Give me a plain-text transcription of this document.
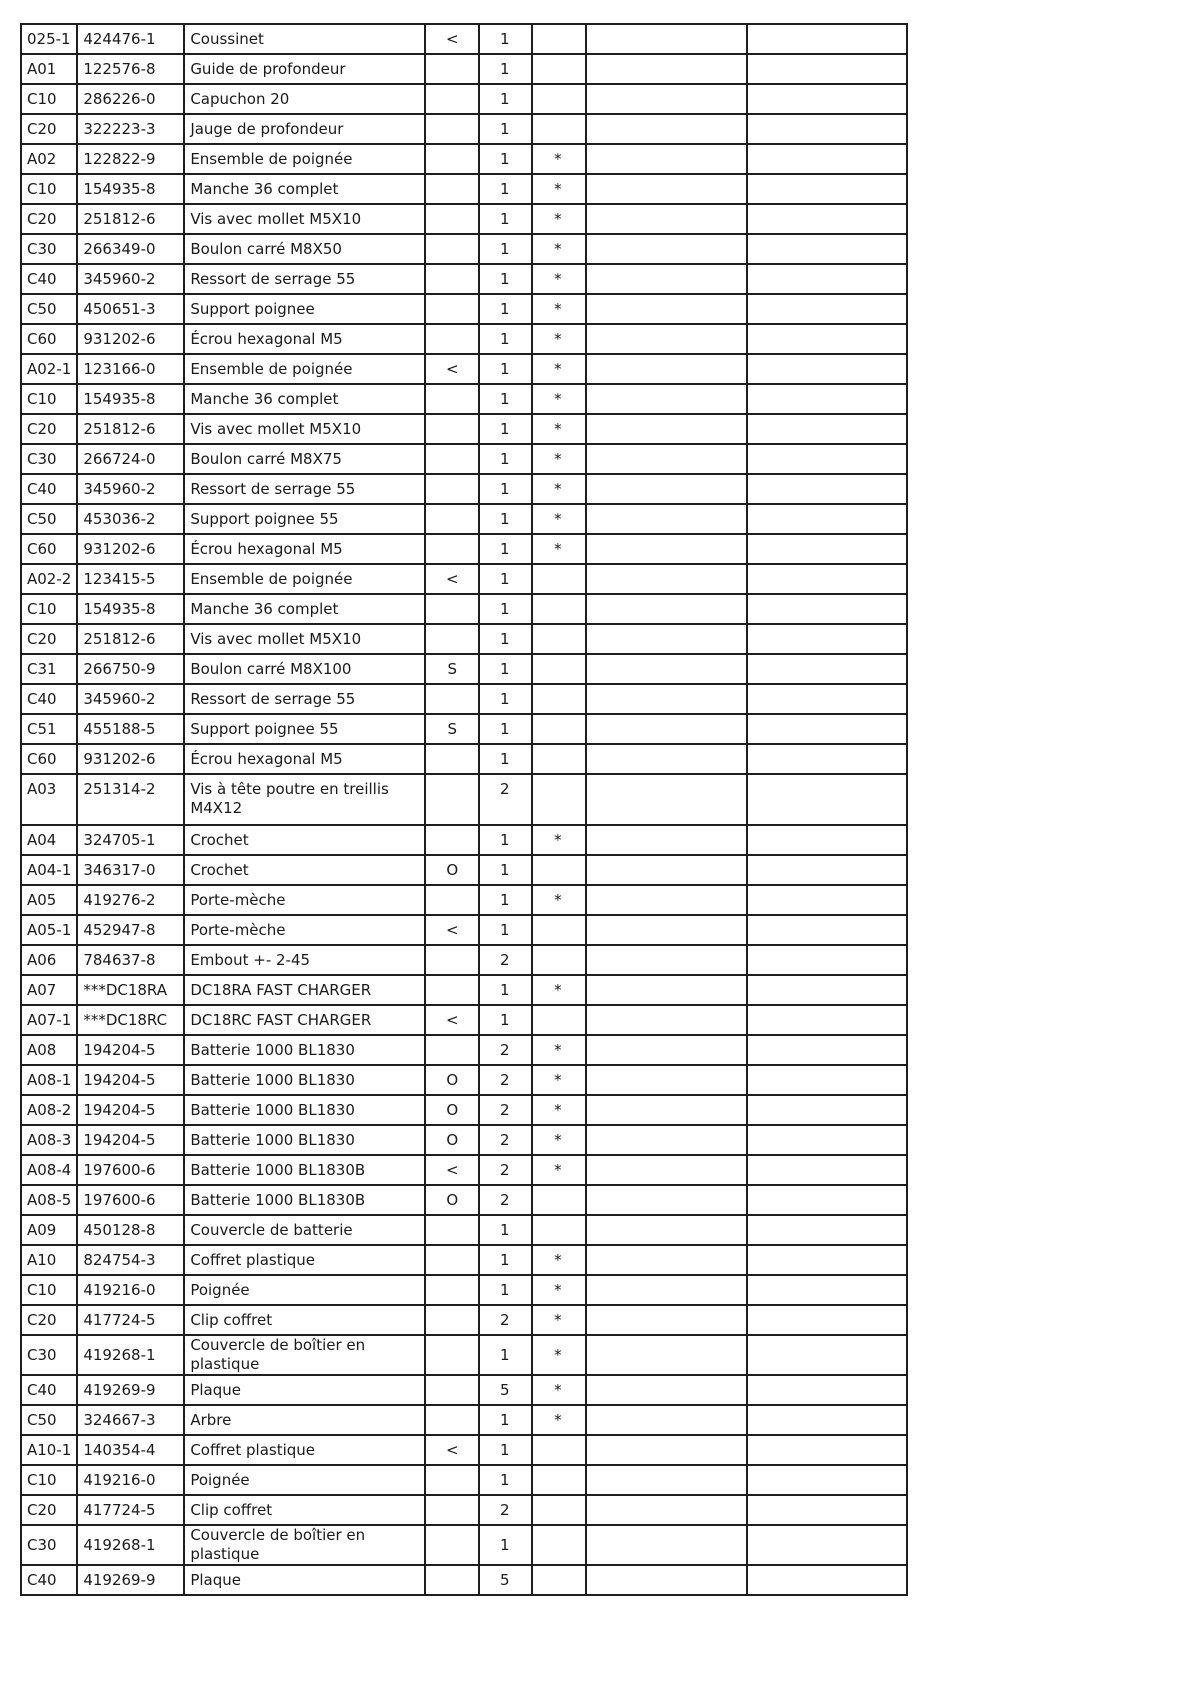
025-1	424476-1	Coussinet	<	1			
A01	122576-8	Guide de profondeur		1			
C10	286226-0	Capuchon 20		1			
C20	322223-3	Jauge de profondeur		1			
A02	122822-9	Ensemble de poignée		1	*		
C10	154935-8	Manche 36 complet		1	*		
C20	251812-6	Vis avec mollet M5X10		1	*		
C30	266349-0	Boulon carré M8X50		1	*		
C40	345960-2	Ressort de serrage 55		1	*		
C50	450651-3	Support poignee		1	*		
C60	931202-6	Écrou hexagonal M5		1	*		
A02-1	123166-0	Ensemble de poignée	<	1	*		
C10	154935-8	Manche 36 complet		1	*		
C20	251812-6	Vis avec mollet M5X10		1	*		
C30	266724-0	Boulon carré M8X75		1	*		
C40	345960-2	Ressort de serrage 55		1	*		
C50	453036-2	Support poignee 55		1	*		
C60	931202-6	Écrou hexagonal M5		1	*		
A02-2	123415-5	Ensemble de poignée	<	1			
C10	154935-8	Manche 36 complet		1			
C20	251812-6	Vis avec mollet M5X10		1			
C31	266750-9	Boulon carré M8X100	S	1			
C40	345960-2	Ressort de serrage 55		1			
C51	455188-5	Support poignee 55	S	1			
C60	931202-6	Écrou hexagonal M5		1			
A03	251314-2	Vis à tête poutre en treillis M4X12		2			
A04	324705-1	Crochet		1	*		
A04-1	346317-0	Crochet	O	1			
A05	419276-2	Porte-mèche		1	*		
A05-1	452947-8	Porte-mèche	<	1			
A06	784637-8	Embout +- 2-45		2			
A07	***DC18RA	DC18RA FAST CHARGER		1	*		
A07-1	***DC18RC	DC18RC FAST CHARGER	<	1			
A08	194204-5	Batterie 1000 BL1830		2	*		
A08-1	194204-5	Batterie 1000 BL1830	O	2	*		
A08-2	194204-5	Batterie 1000 BL1830	O	2	*		
A08-3	194204-5	Batterie 1000 BL1830	O	2	*		
A08-4	197600-6	Batterie 1000 BL1830B	<	2	*		
A08-5	197600-6	Batterie 1000 BL1830B	O	2			
A09	450128-8	Couvercle de batterie		1			
A10	824754-3	Coffret plastique		1	*		
C10	419216-0	Poignée		1	*		
C20	417724-5	Clip coffret		2	*		
C30	419268-1	Couvercle de boîtier en plastique		1	*		
C40	419269-9	Plaque		5	*		
C50	324667-3	Arbre		1	*		
A10-1	140354-4	Coffret plastique	<	1			
C10	419216-0	Poignée		1			
C20	417724-5	Clip coffret		2			
C30	419268-1	Couvercle de boîtier en plastique		1			
C40	419269-9	Plaque		5			
